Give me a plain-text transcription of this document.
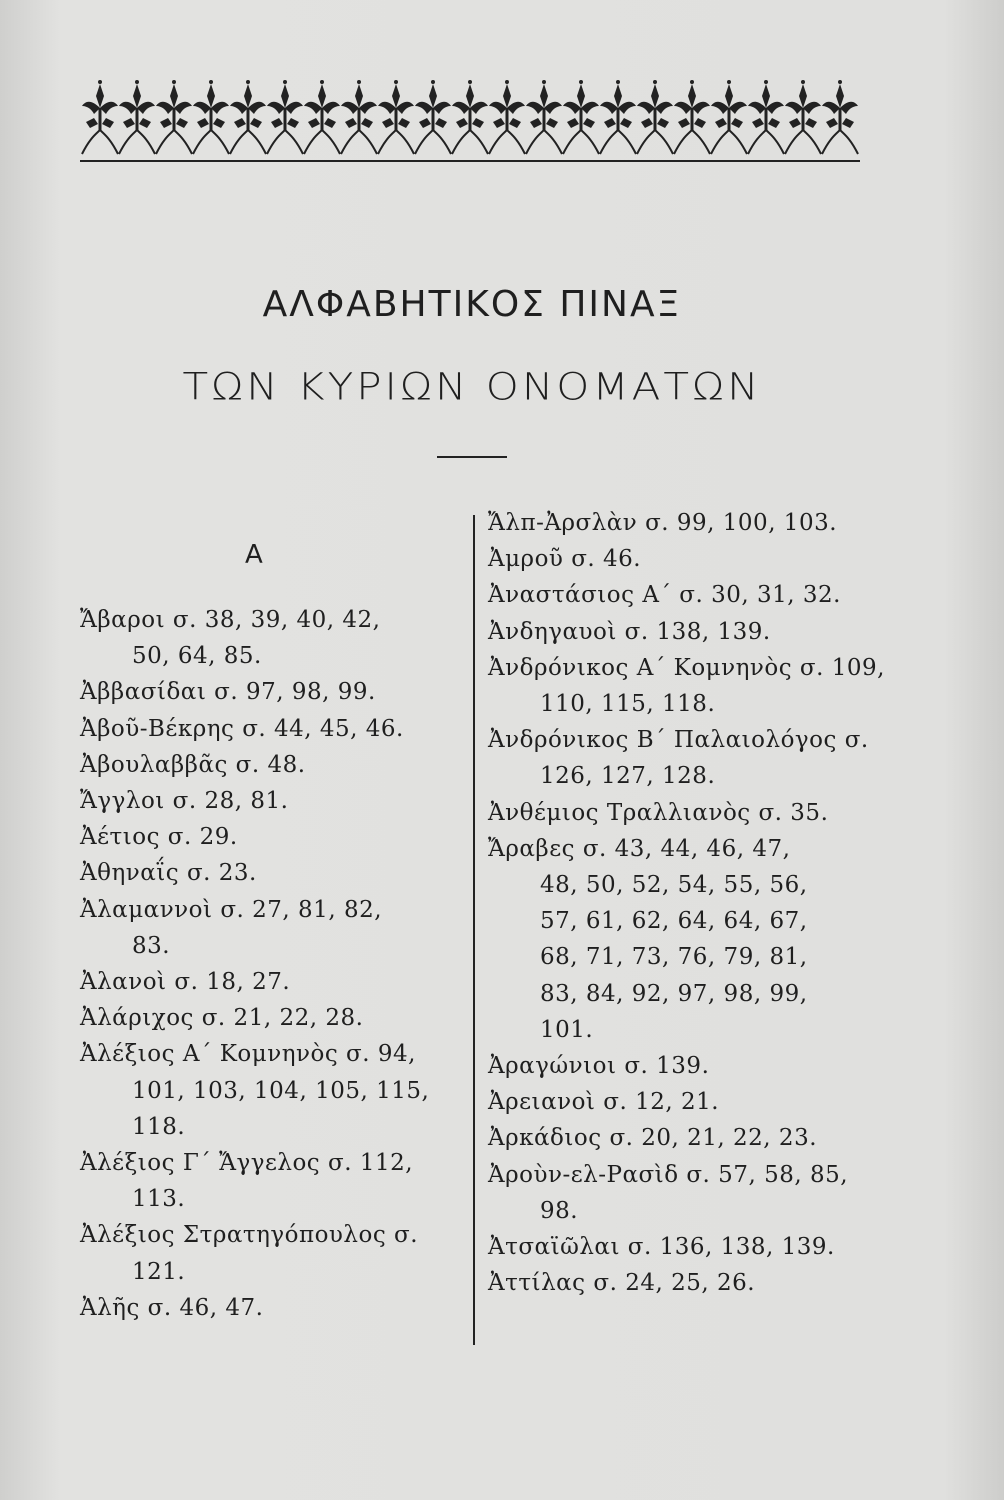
ΑΛΦΑΒΗΤΙΚΟΣ ΠΙΝΑΞ
ΤΩΝ ΚΥΡΙΩΝ ΟΝΟΜΑΤΩΝ
Α
Ἄβαροι σ. 38, 39, 40, 42,
50, 64, 85.
Ἀββασίδαι σ. 97, 98, 99.
Ἀβοῦ-Βέκρης σ. 44, 45, 46.
Ἀβουλαββᾶς σ. 48.
Ἄγγλοι σ. 28, 81.
Ἀέτιος σ. 29.
Ἀθηναΐς σ. 23.
Ἀλαμαννοὶ σ. 27, 81, 82,
83.
Ἀλανοὶ σ. 18, 27.
Ἀλάριχος σ. 21, 22, 28.
Ἀλέξιος Α΄ Κομνηνὸς σ. 94,
101, 103, 104, 105, 115,
118.
Ἀλέξιος Γ΄ Ἄγγελος σ. 112,
113.
Ἀλέξιος Στρατηγόπουλος σ.
121.
Ἀλῆς σ. 46, 47.
Ἄλπ-Ἀρσλὰν σ. 99, 100, 103.
Ἀμροῦ σ. 46.
Ἀναστάσιος Α΄ σ. 30, 31, 32.
Ἀνδηγαυοὶ σ. 138, 139.
Ἀνδρόνικος Α΄ Κομνηνὸς σ. 109,
110, 115, 118.
Ἀνδρόνικος Β΄ Παλαιολόγος σ.
126, 127, 128.
Ἀνθέμιος Τραλλιανὸς σ. 35.
Ἄραβες σ. 43, 44, 46, 47,
48, 50, 52, 54, 55, 56,
57, 61, 62, 64, 64, 67,
68, 71, 73, 76, 79, 81,
83, 84, 92, 97, 98, 99,
101.
Ἀραγώνιοι σ. 139.
Ἀρειανοὶ σ. 12, 21.
Ἀρκάδιος σ. 20, 21, 22, 23.
Ἀροὺν-ελ-Ρασὶδ σ. 57, 58, 85,
98.
Ἀτσαϊῶλαι σ. 136, 138, 139.
Ἀττίλας σ. 24, 25, 26.
